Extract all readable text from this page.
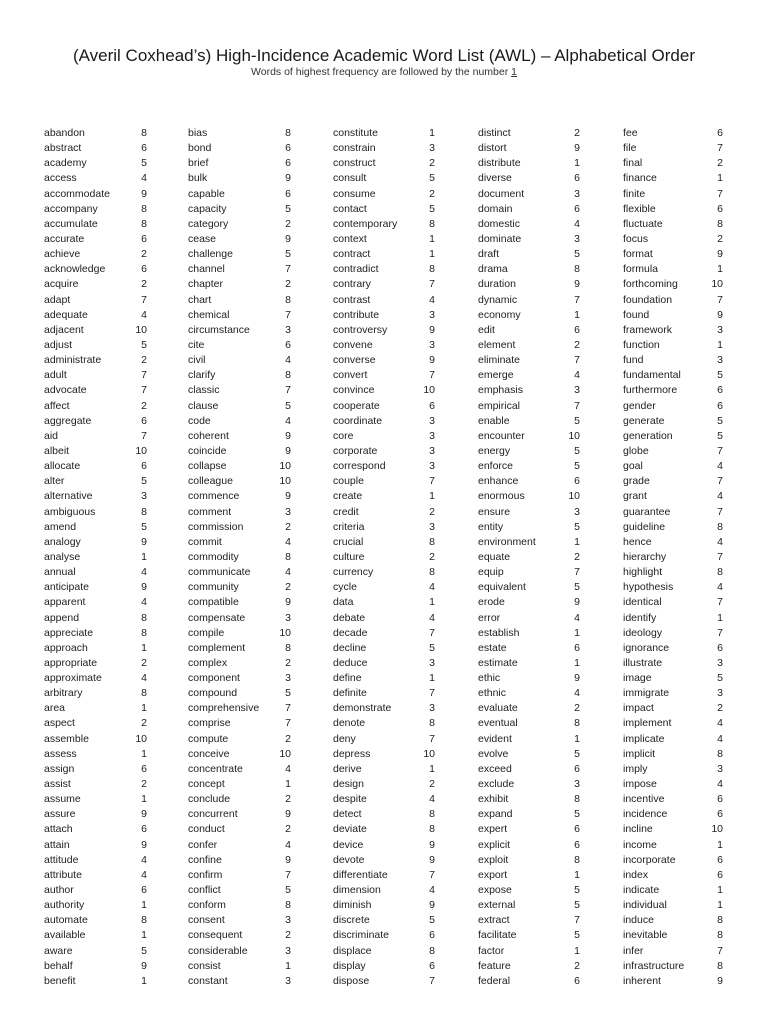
(Averil Coxhead’s) High-Incidence Academic Word List (AWL) – Alphabetical Order
Words of highest frequency are followed by the number 1
abandon	8
abstract	6
academy	5
access	4
accommodate	9
accompany	8
accumulate	8
accurate	6
achieve	2
acknowledge	6
acquire	2
adapt	7
adequate	4
adjacent	10
adjust	5
administrate	2
adult	7
advocate	7
affect	2
aggregate	6
aid	7
albeit	10
allocate	6
alter	5
alternative	3
ambiguous	8
amend	5
analogy	9
analyse	1
annual	4
anticipate	9
apparent	4
append	8
appreciate	8
approach	1
appropriate	2
approximate	4
arbitrary	8
area	1
aspect	2
assemble	10
assess	1
assign	6
assist	2
assume	1
assure	9
attach	6
attain	9
attitude	4
attribute	4
author	6
authority	1
automate	8
available	1
aware	5
behalf	9
benefit	1
bias	8
bond	6
brief	6
bulk	9
capable	6
capacity	5
category	2
cease	9
challenge	5
channel	7
chapter	2
chart	8
chemical	7
circumstance	3
cite	6
civil	4
clarify	8
classic	7
clause	5
code	4
coherent	9
coincide	9
collapse	10
colleague	10
commence	9
comment	3
commission	2
commit	4
commodity	8
communicate	4
community	2
compatible	9
compensate	3
compile	10
complement	8
complex	2
component	3
compound	5
comprehensive	7
comprise	7
compute	2
conceive	10
concentrate	4
concept	1
conclude	2
concurrent	9
conduct	2
confer	4
confine	9
confirm	7
conflict	5
conform	8
consent	3
consequent	2
considerable	3
consist	1
constant	3
constitute	1
constrain	3
construct	2
consult	5
consume	2
contact	5
contemporary	8
context	1
contract	1
contradict	8
contrary	7
contrast	4
contribute	3
controversy	9
convene	3
converse	9
convert	7
convince	10
cooperate	6
coordinate	3
core	3
corporate	3
correspond	3
couple	7
create	1
credit	2
criteria	3
crucial	8
culture	2
currency	8
cycle	4
data	1
debate	4
decade	7
decline	5
deduce	3
define	1
definite	7
demonstrate	3
denote	8
deny	7
depress	10
derive	1
design	2
despite	4
detect	8
deviate	8
device	9
devote	9
differentiate	7
dimension	4
diminish	9
discrete	5
discriminate	6
displace	8
display	6
dispose	7
distinct	2
distort	9
distribute	1
diverse	6
document	3
domain	6
domestic	4
dominate	3
draft	5
drama	8
duration	9
dynamic	7
economy	1
edit	6
element	2
eliminate	7
emerge	4
emphasis	3
empirical	7
enable	5
encounter	10
energy	5
enforce	5
enhance	6
enormous	10
ensure	3
entity	5
environment	1
equate	2
equip	7
equivalent	5
erode	9
error	4
establish	1
estate	6
estimate	1
ethic	9
ethnic	4
evaluate	2
eventual	8
evident	1
evolve	5
exceed	6
exclude	3
exhibit	8
expand	5
expert	6
explicit	6
exploit	8
export	1
expose	5
external	5
extract	7
facilitate	5
factor	1
feature	2
federal	6
fee	6
file	7
final	2
finance	1
finite	7
flexible	6
fluctuate	8
focus	2
format	9
formula	1
forthcoming	10
foundation	7
found	9
framework	3
function	1
fund	3
fundamental	5
furthermore	6
gender	6
generate	5
generation	5
globe	7
goal	4
grade	7
grant	4
guarantee	7
guideline	8
hence	4
hierarchy	7
highlight	8
hypothesis	4
identical	7
identify	1
ideology	7
ignorance	6
illustrate	3
image	5
immigrate	3
impact	2
implement	4
implicate	4
implicit	8
imply	3
impose	4
incentive	6
incidence	6
incline	10
income	1
incorporate	6
index	6
indicate	1
individual	1
induce	8
inevitable	8
infer	7
infrastructure	8
inherent	9
